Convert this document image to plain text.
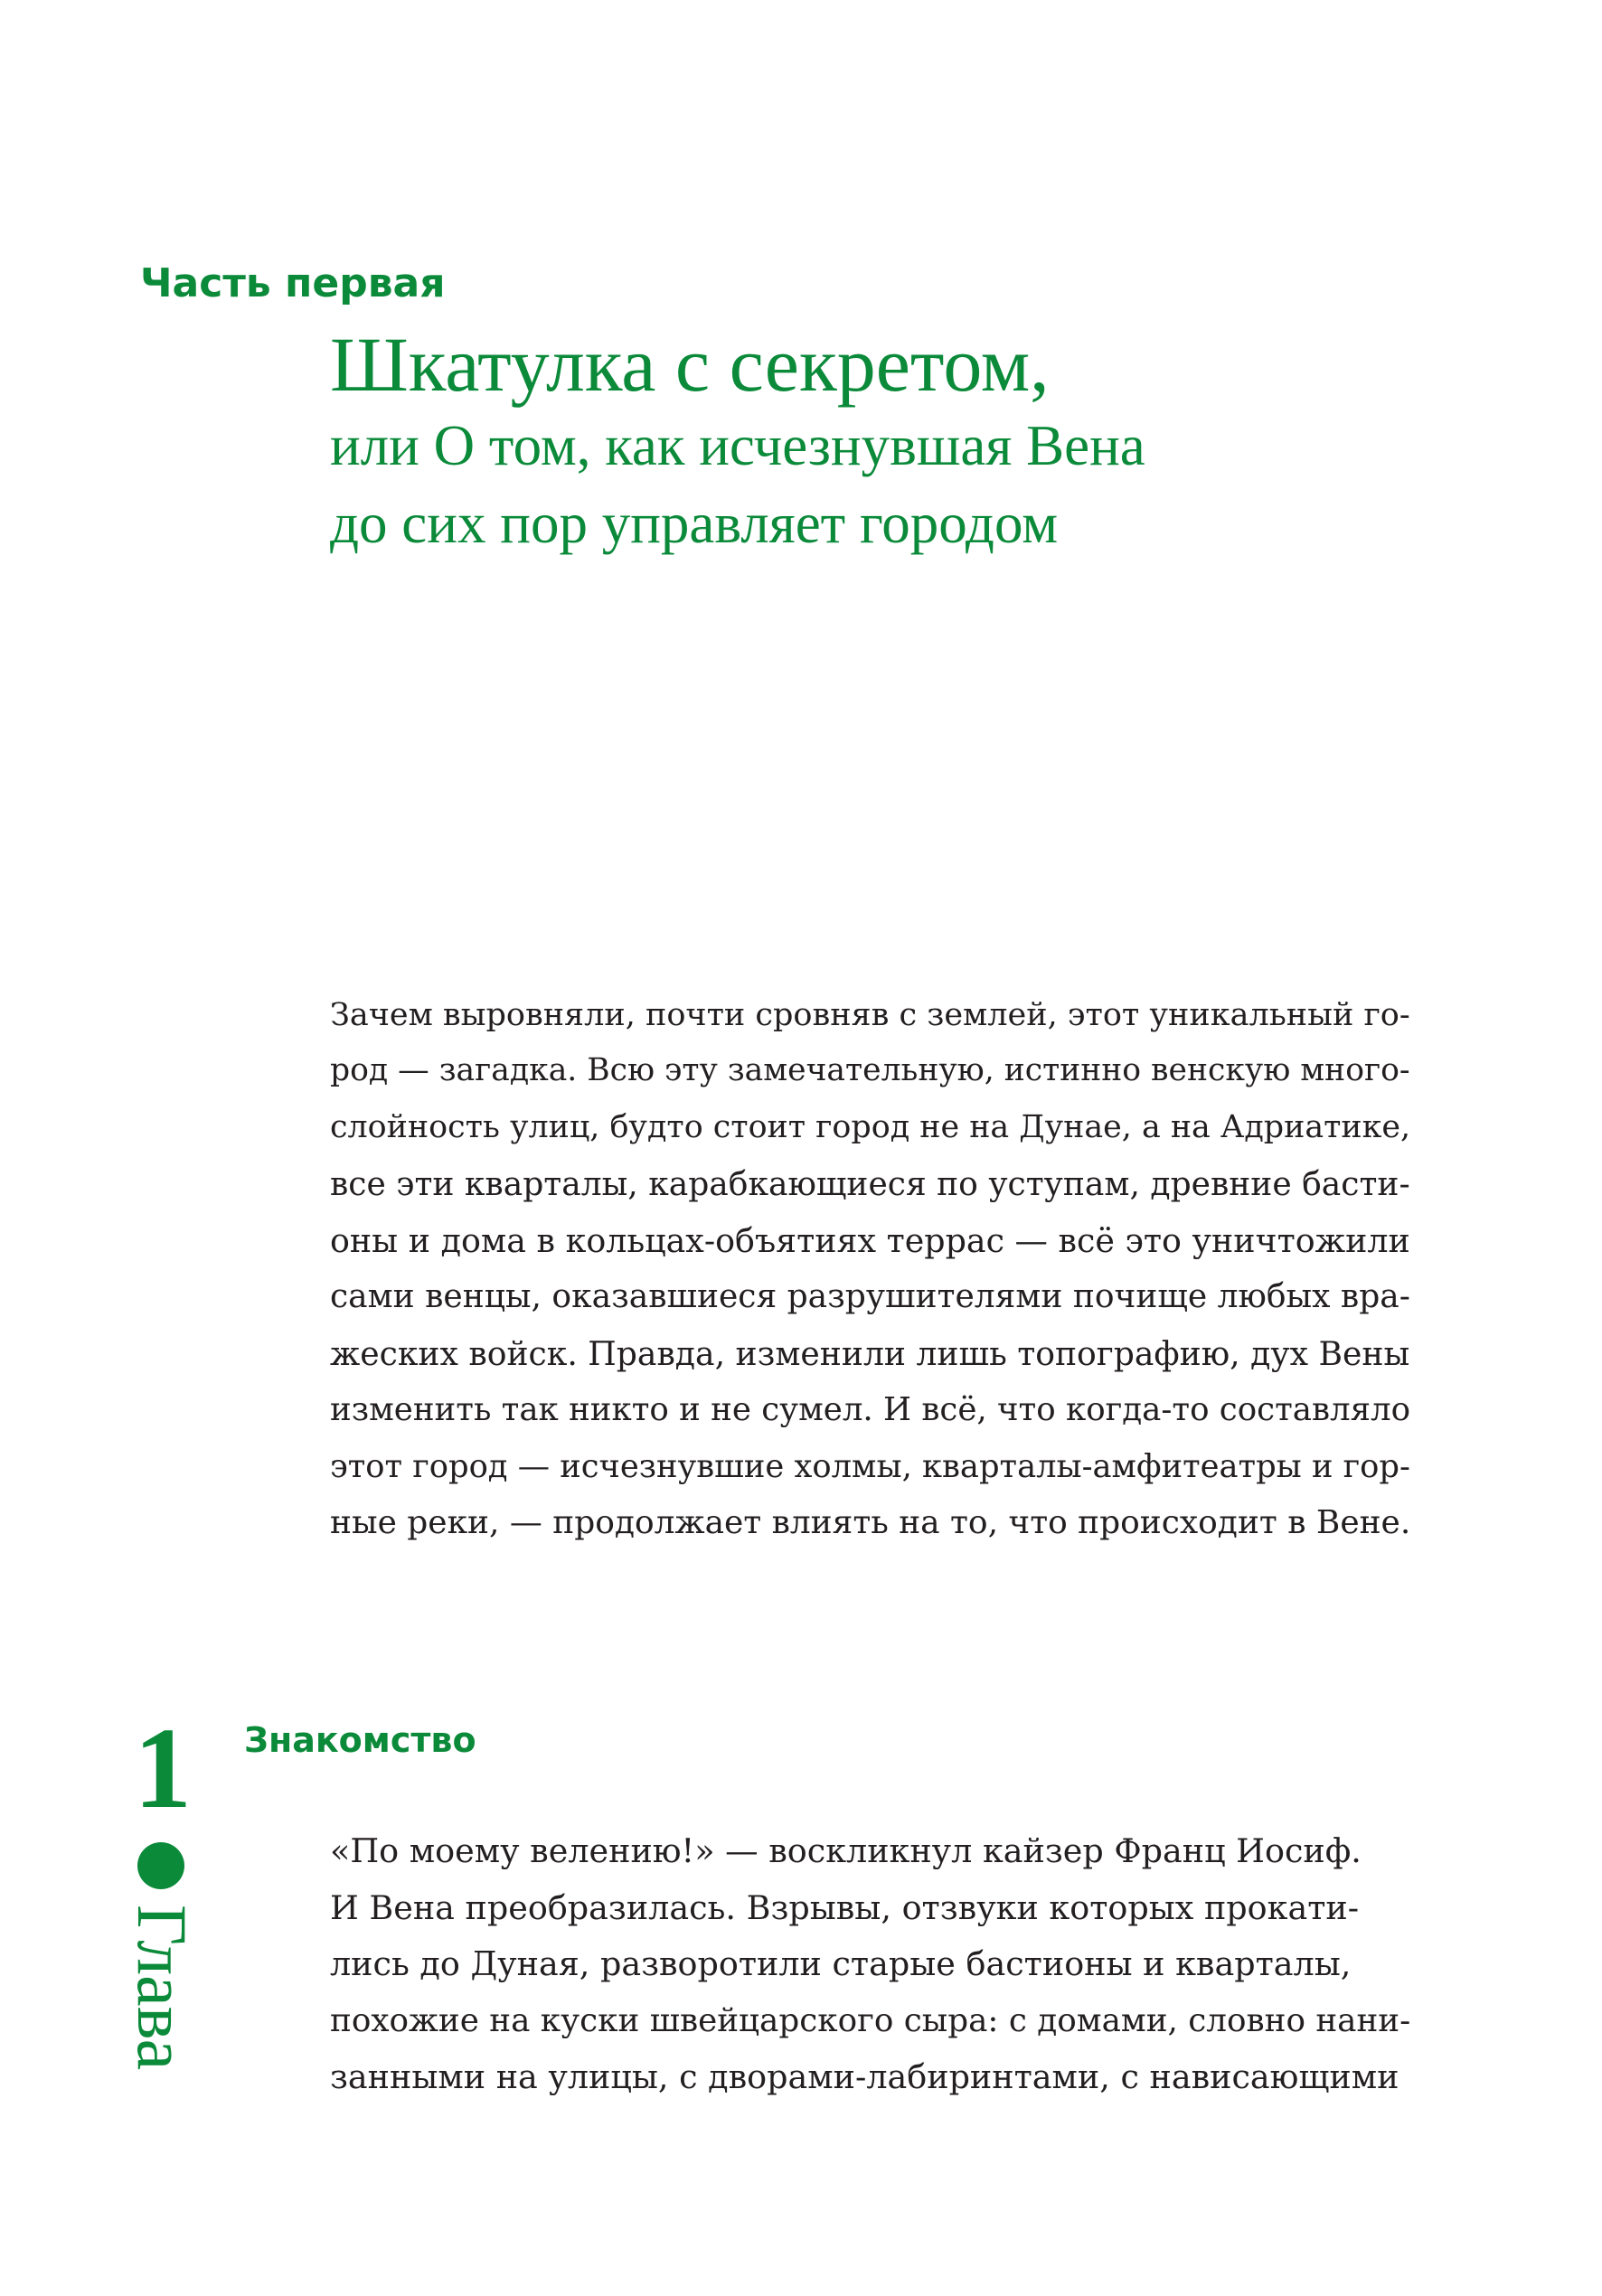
Часть первая
Шкатулка с секретом,
или О том, как исчезнувшая Вена
до сих пор управляет городом
Зачем выровняли, почти сровняв с землей, этот уникальный го-
род — загадка. Всю эту замечательную, истинно венскую много-
слойность улиц, будто стоит город не на Дунае, а на Адриатике,
все эти кварталы, карабкающиеся по уступам, древние басти-
оны и дома в кольцах-объятиях террас — всё это уничтожили
сами венцы, оказавшиеся разрушителями почище любых вра-
жеских войск. Правда, изменили лишь топографию, дух Вены
изменить так никто и не сумел. И всё, что когда-то составляло
этот город — исчезнувшие холмы, кварталы-амфитеатры и гор-
ные реки, — продолжает влиять на то, что происходит в Вене.
1
Глава
Знакомство
«По моему велению!» — воскликнул кайзер Франц Иосиф.
И Вена преобразилась. Взрывы, отзвуки которых прокати-
лись до Дуная, разворотили старые бастионы и кварталы,
похожие на куски швейцарского сыра: с домами, словно нани-
занными на улицы, с дворами-лабиринтами, с нависающими
